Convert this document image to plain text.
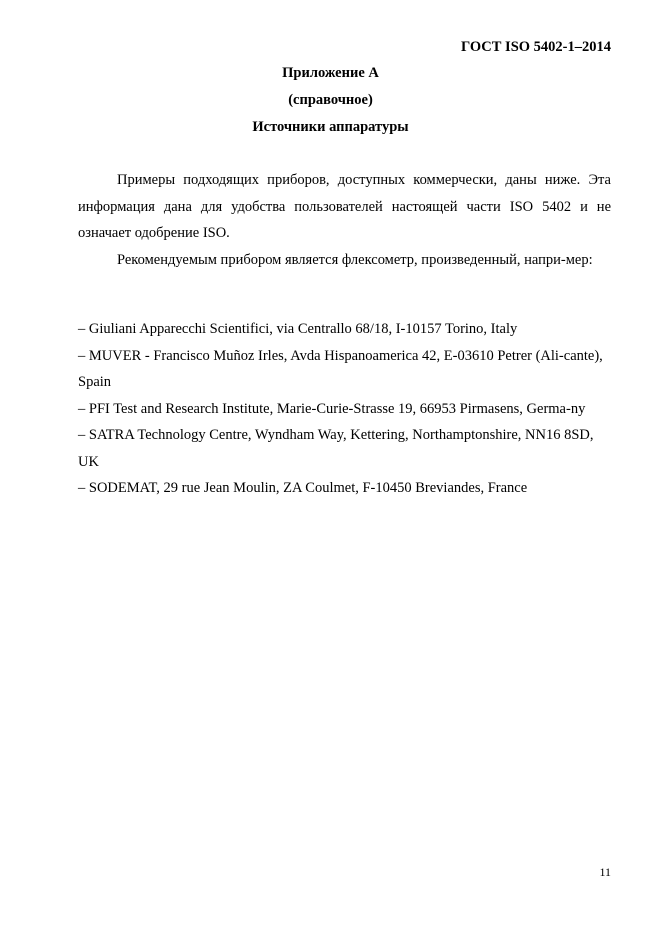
ГОСТ ISO 5402-1–2014
Приложение А
(справочное)
Источники аппаратуры

Примеры подходящих приборов, доступных коммерчески, даны ниже. Эта информация дана для удобства пользователей настоящей части ISO 5402 и не означает одобрение ISO.

Рекомендуемым прибором является флексометр, произведенный, напри-мер:

– Giuliani Apparecchi Scientifici, via Centrallo 68/18, I-10157 Torino, Italy
– MUVER - Francisco Muñoz Irles, Avda Hispanoamerica 42, E-03610 Petrer (Ali-cante), Spain
– PFI Test and Research Institute, Marie-Curie-Strasse 19, 66953 Pirmasens, Germa-ny
– SATRA Technology Centre, Wyndham Way, Kettering, Northamptonshire, NN16 8SD, UK
– SODEMAT, 29 rue Jean Moulin, ZA Coulmet, F-10450 Breviandes, France
11
